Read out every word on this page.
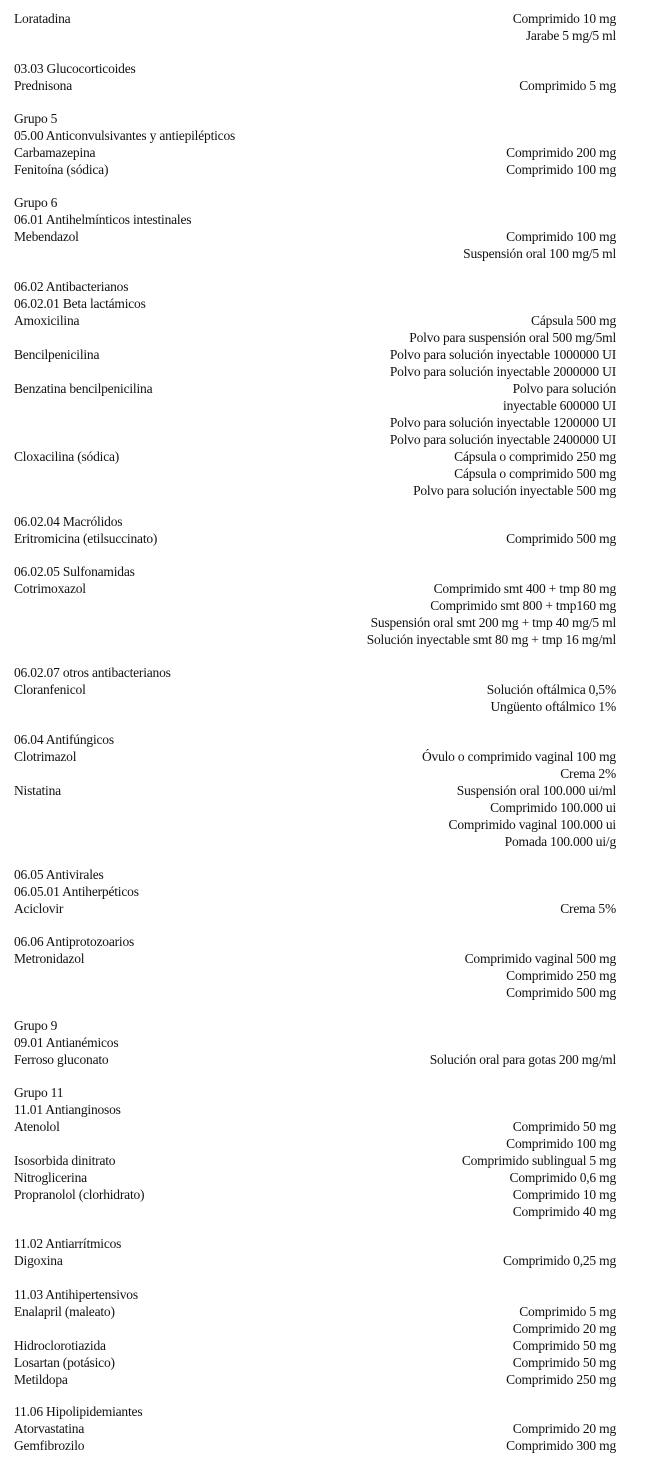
Loratadina	Comprimido 10 mg
Jarabe 5 mg/5 ml
03.03 Glucocorticoides
Prednisona	Comprimido 5 mg
Grupo 5
05.00 Anticonvulsivantes y antiepilépticos
Carbamazepina	Comprimido 200 mg
Fenitoína (sódica)	Comprimido 100 mg
Grupo 6
06.01 Antihelmínticos intestinales
Mebendazol	Comprimido 100 mg
Suspensión oral 100 mg/5 ml
06.02 Antibacterianos
06.02.01 Beta lactámicos
Amoxicilina	Cápsula 500 mg
Polvo para suspensión oral 500 mg/5ml
Bencilpenicilina	Polvo para solución inyectable 1000000 UI
Polvo para solución inyectable 2000000 UI
Benzatina bencilpenicilina	Polvo para solución
inyectable 600000 UI
Polvo para solución inyectable 1200000 UI
Polvo para solución inyectable 2400000 UI
Cloxacilina (sódica)	Cápsula o comprimido 250 mg
Cápsula o comprimido 500 mg
Polvo para solución inyectable 500 mg
06.02.04 Macrólidos
Eritromicina (etilsuccinato)	Comprimido 500 mg
06.02.05 Sulfonamidas
Cotrimoxazol	Comprimido smt 400 + tmp 80 mg
Comprimido smt 800 + tmp160 mg
Suspensión oral smt 200 mg + tmp 40 mg/5 ml
Solución inyectable smt 80 mg + tmp 16 mg/ml
06.02.07 otros antibacterianos
Cloranfenicol	Solución oftálmica 0,5%
Ungüento oftálmico 1%
06.04 Antifúngicos
Clotrimazol	Óvulo o comprimido vaginal 100 mg
Crema 2%
Nistatina	Suspensión oral 100.000 ui/ml
Comprimido 100.000 ui
Comprimido vaginal 100.000 ui
Pomada 100.000 ui/g
06.05 Antivirales
06.05.01 Antiherpéticos
Aciclovir	Crema 5%
06.06 Antiprotozoarios
Metronidazol	Comprimido vaginal 500 mg
Comprimido 250 mg
Comprimido 500 mg
Grupo 9
09.01 Antianémicos
Ferroso gluconato	Solución oral para gotas 200 mg/ml
Grupo 11
11.01 Antianginosos
Atenolol	Comprimido 50 mg
Comprimido 100 mg
Isosorbida dinitrato	Comprimido sublingual 5 mg
Nitroglicerina	Comprimido 0,6 mg
Propranolol (clorhidrato)	Comprimido 10 mg
Comprimido 40 mg
11.02 Antiarrítmicos
Digoxina	Comprimido 0,25 mg
11.03 Antihipertensivos
Enalapril (maleato)	Comprimido 5 mg
Comprimido 20 mg
Hidroclorotiazida	Comprimido 50 mg
Losartan (potásico)	Comprimido 50 mg
Metildopa	Comprimido 250 mg
11.06 Hipolipidemiantes
Atorvastatina	Comprimido 20 mg
Gemfibrozilo	Comprimido 300 mg
